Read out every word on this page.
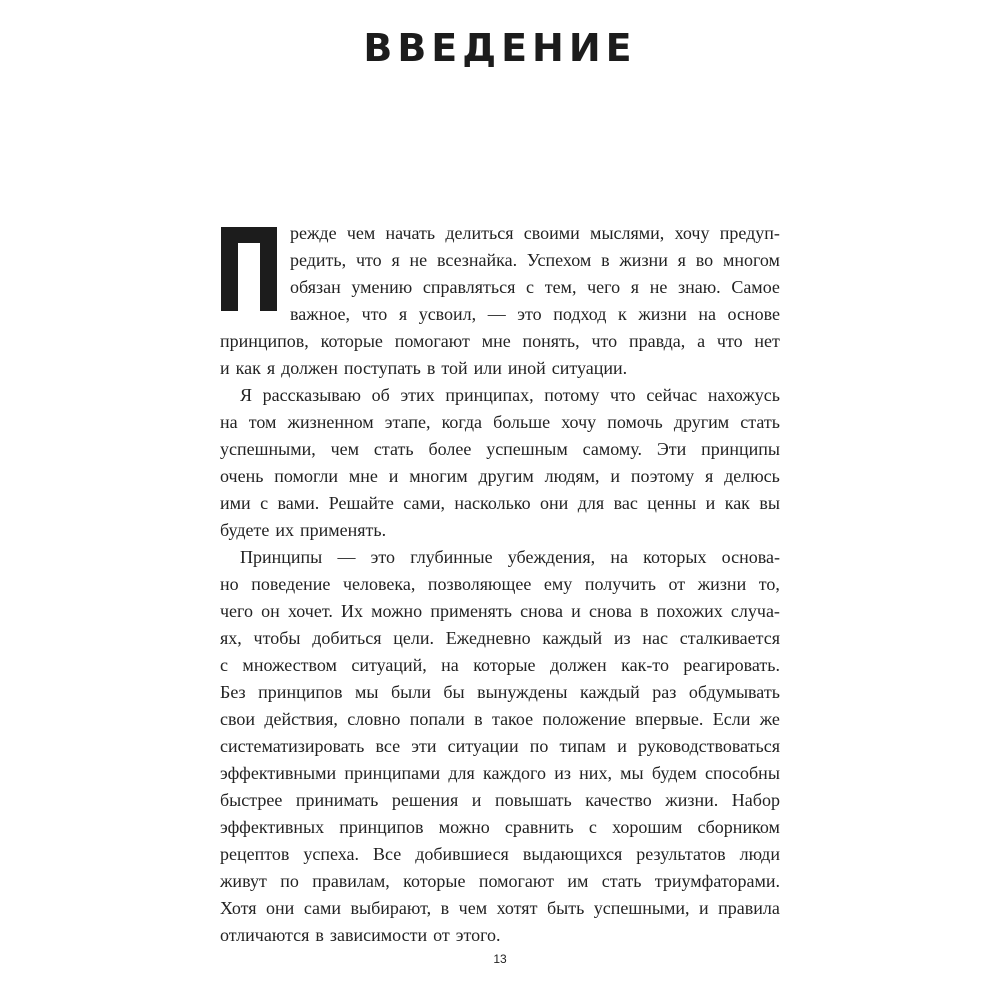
ВВЕДЕНИЕ
режде чем начать делиться своими мыслями, хочу предуп-
редить, что я не всезнайка. Успехом в жизни я во многом
обязан умению справляться с тем, чего я не знаю. Самое
важное, что я усвоил, — это подход к жизни на основе
принципов, которые помогают мне понять, что правда, а что нет
и как я должен поступать в той или иной ситуации.
Я рассказываю об этих принципах, потому что сейчас нахожусь
на том жизненном этапе, когда больше хочу помочь другим стать
успешными, чем стать более успешным самому. Эти принципы
очень помогли мне и многим другим людям, и поэтому я делюсь
ими с вами. Решайте сами, насколько они для вас ценны и как вы
будете их применять.
Принципы — это глубинные убеждения, на которых основа-
но поведение человека, позволяющее ему получить от жизни то,
чего он хочет. Их можно применять снова и снова в похожих случа-
ях, чтобы добиться цели. Ежедневно каждый из нас сталкивается
с множеством ситуаций, на которые должен как-то реагировать.
Без принципов мы были бы вынуждены каждый раз обдумывать
свои действия, словно попали в такое положение впервые. Если же
систематизировать все эти ситуации по типам и руководствоваться
эффективными принципами для каждого из них, мы будем способны
быстрее принимать решения и повышать качество жизни. Набор
эффективных принципов можно сравнить с хорошим сборником
рецептов успеха. Все добившиеся выдающихся результатов люди
живут по правилам, которые помогают им стать триумфаторами.
Хотя они сами выбирают, в чем хотят быть успешными, и правила
отличаются в зависимости от этого.
13
